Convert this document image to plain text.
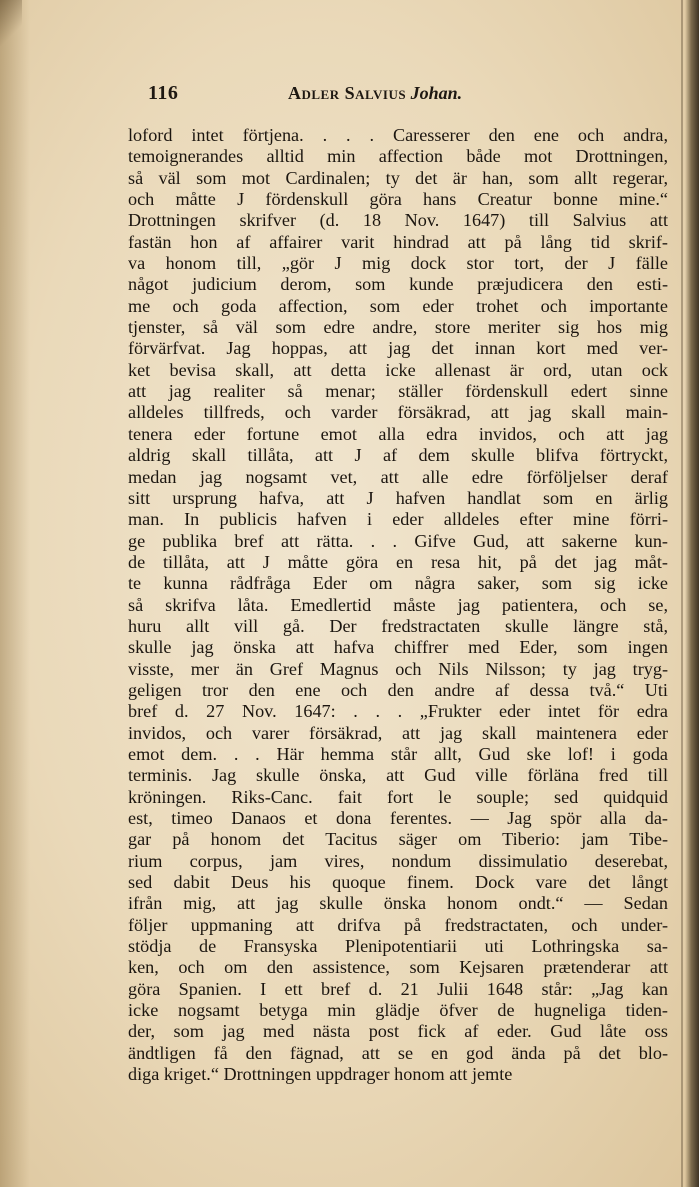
116	Adler Salvius Johan.
loford intet förtjena. . . . Caresserer den ene och andra,
temoignerandes alltid min affection både mot Drottningen,
så väl som mot Cardinalen; ty det är han, som allt regerar,
och måtte J fördenskull göra hans Creatur bonne mine.“
Drottningen skrifver (d. 18 Nov. 1647) till Salvius att
fastän hon af affairer varit hindrad att på lång tid skrif-
va honom till, „gör J mig dock stor tort, der J fälle
något judicium derom, som kunde præjudicera den esti-
me och goda affection, som eder trohet och importante
tjenster, så väl som edre andre, store meriter sig hos mig
förvärfvat. Jag hoppas, att jag det innan kort med ver-
ket bevisa skall, att detta icke allenast är ord, utan ock
att jag realiter så menar; ställer fördenskull edert sinne
alldeles tillfreds, och varder försäkrad, att jag skall main-
tenera eder fortune emot alla edra invidos, och att jag
aldrig skall tillåta, att J af dem skulle blifva förtryckt,
medan jag nogsamt vet, att alle edre förföljelser deraf
sitt ursprung hafva, att J hafven handlat som en ärlig
man. In publicis hafven i eder alldeles efter mine förri-
ge publika bref att rätta. . . Gifve Gud, att sakerne kun-
de tillåta, att J måtte göra en resa hit, på det jag måt-
te kunna rådfråga Eder om några saker, som sig icke
så skrifva låta. Emedlertid måste jag patientera, och se,
huru allt vill gå. Der fredstractaten skulle längre stå,
skulle jag önska att hafva chiffrer med Eder, som ingen
visste, mer än Gref Magnus och Nils Nilsson; ty jag tryg-
geligen tror den ene och den andre af dessa två.“ Uti
bref d. 27 Nov. 1647: . . . „Frukter eder intet för edra
invidos, och varer försäkrad, att jag skall maintenera eder
emot dem. . . Här hemma står allt, Gud ske lof! i goda
terminis. Jag skulle önska, att Gud ville förläna fred till
kröningen. Riks-Canc. fait fort le souple; sed quidquid
est, timeo Danaos et dona ferentes. — Jag spör alla da-
gar på honom det Tacitus säger om Tiberio: jam Tibe-
rium corpus, jam vires, nondum dissimulatio deserebat,
sed dabit Deus his quoque finem. Dock vare det långt
ifrån mig, att jag skulle önska honom ondt.“ — Sedan
följer uppmaning att drifva på fredstractaten, och under-
stödja de Fransyska Plenipotentiarii uti Lothringska sa-
ken, och om den assistence, som Kejsaren prætenderar att
göra Spanien. I ett bref d. 21 Julii 1648 står: „Jag kan
icke nogsamt betyga min glädje öfver de hugneliga tiden-
der, som jag med nästa post fick af eder. Gud låte oss
ändtligen få den fägnad, att se en god ända på det blo-
diga kriget.“ Drottningen uppdrager honom att jemte
